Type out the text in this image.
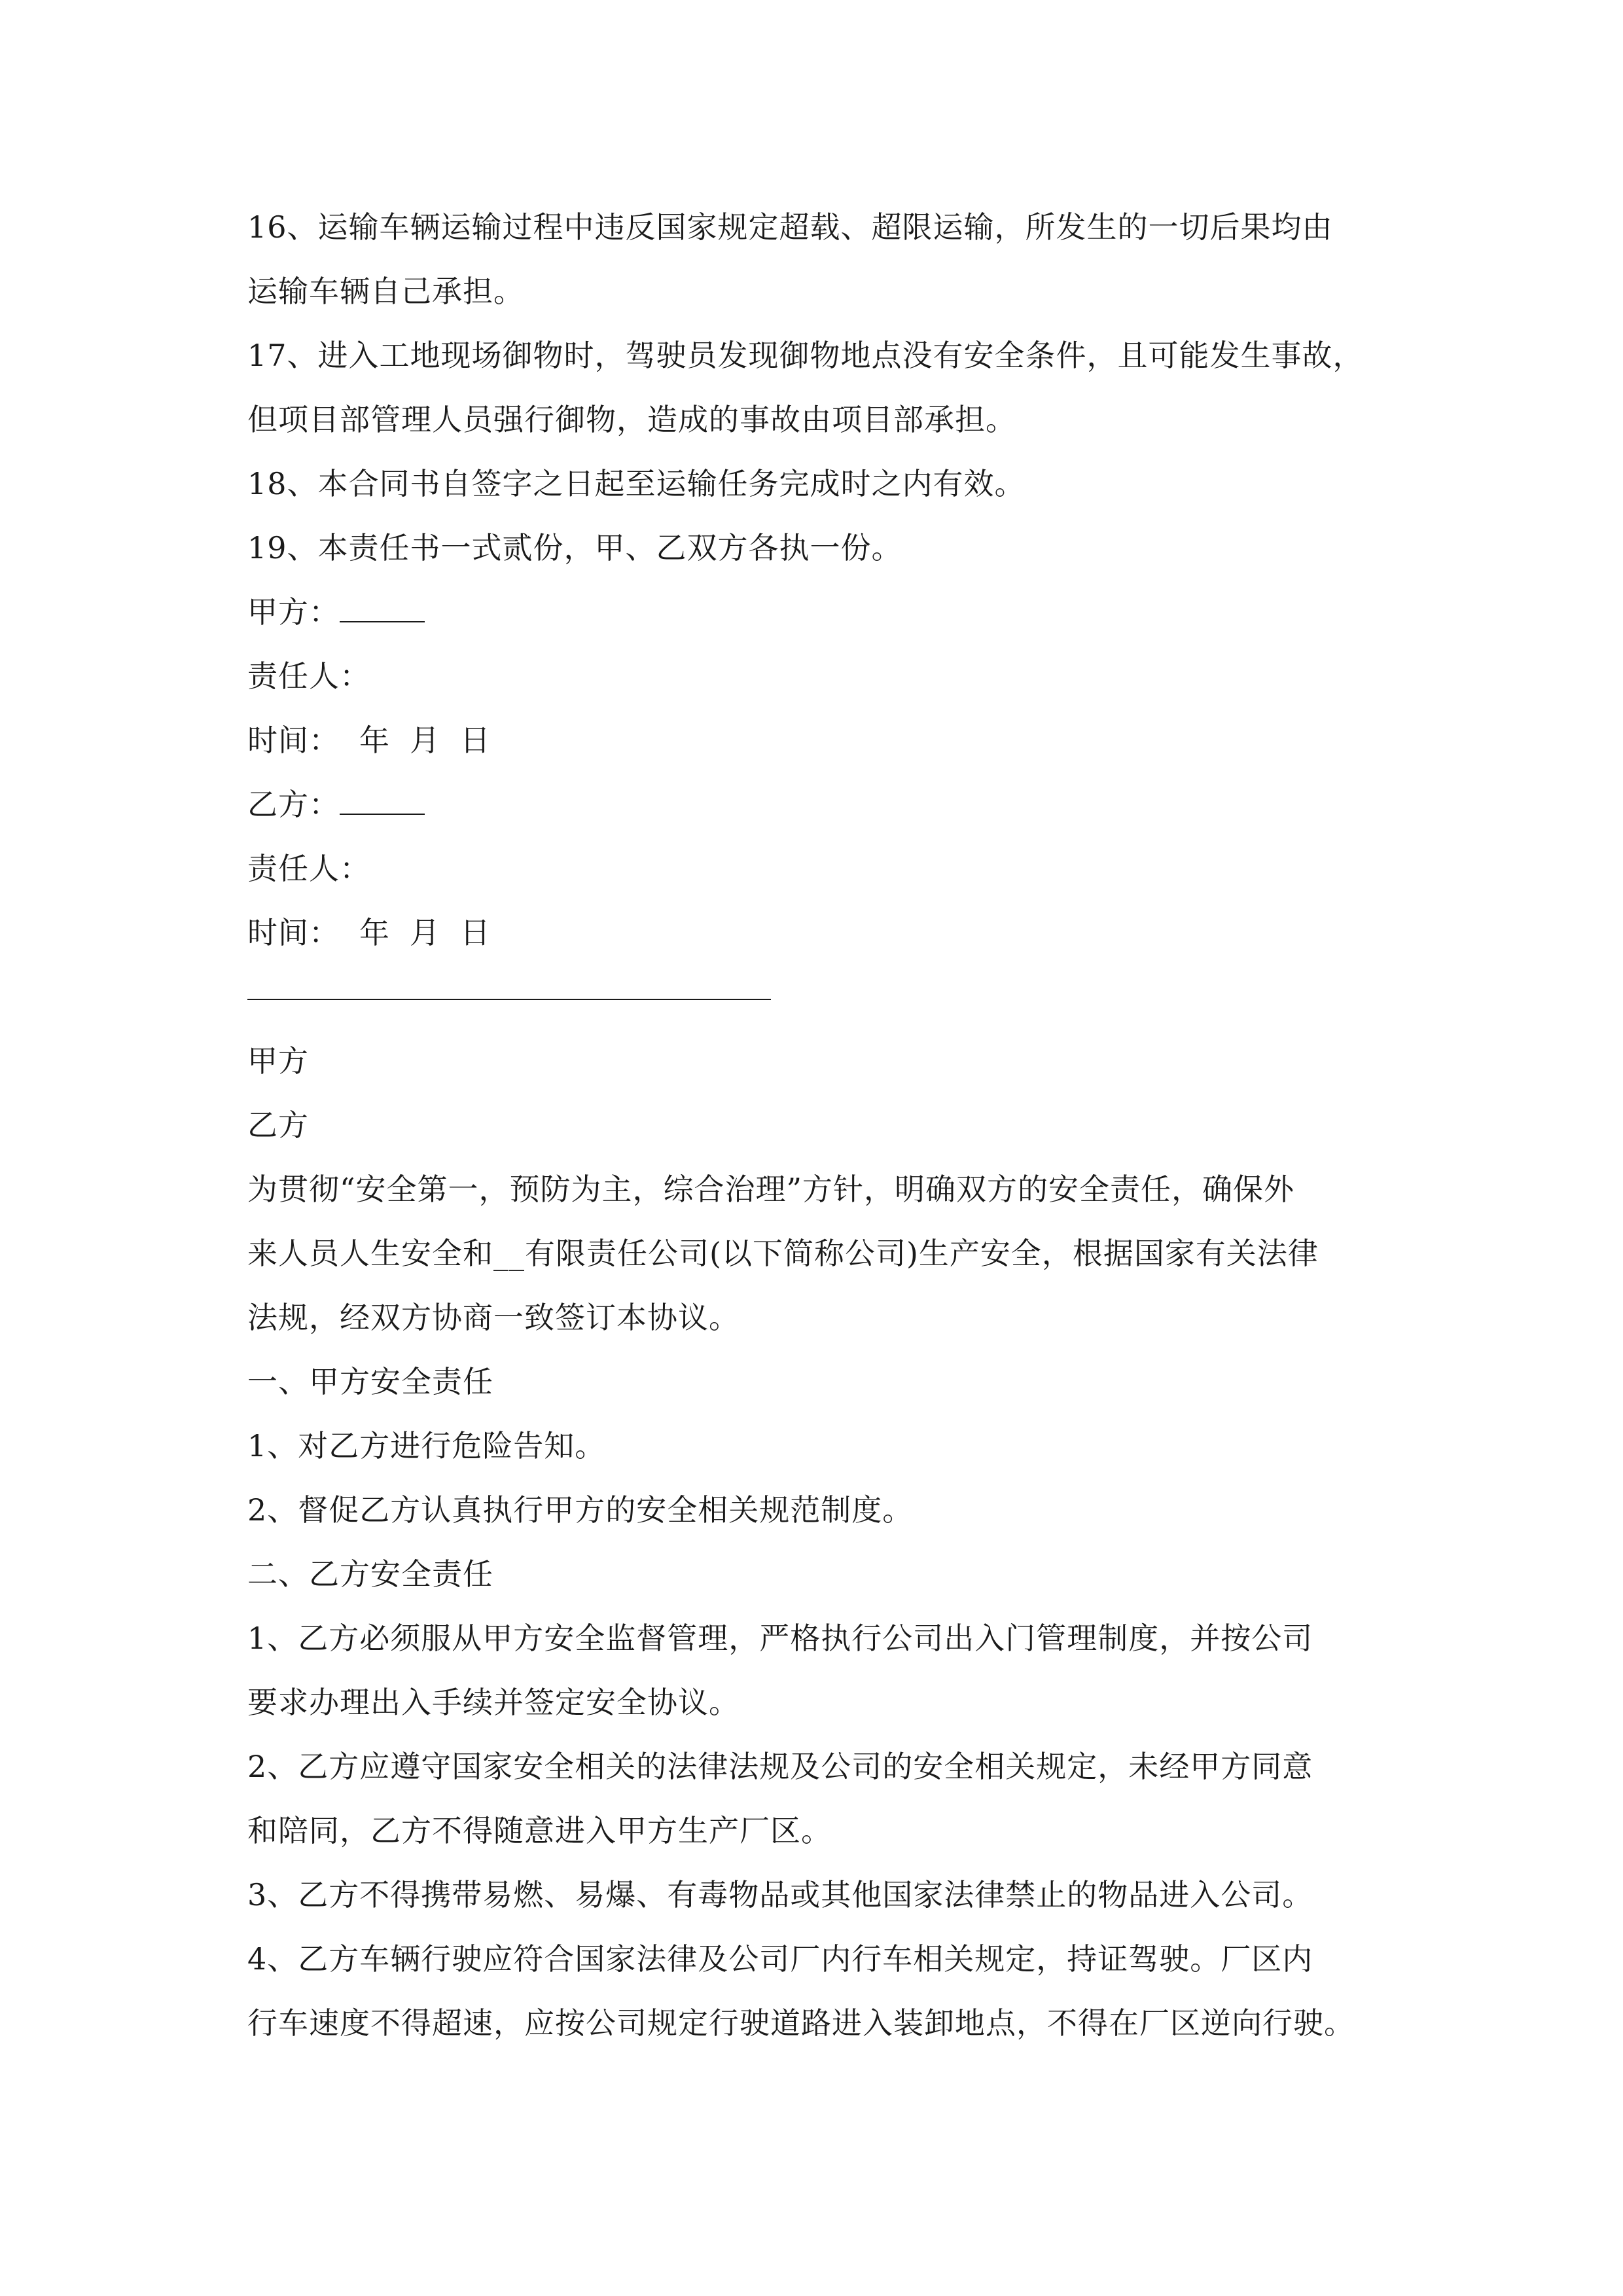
16、运输车辆运输过程中违反国家规定超载、超限运输，所发生的一切后果均由
运输车辆自己承担。
17、进入工地现场御物时，驾驶员发现御物地点没有安全条件，且可能发生事故，
但项目部管理人员强行御物，造成的事故由项目部承担。
18、本合同书自签字之日起至运输任务完成时之内有效。
19、本责任书一式贰份，甲、乙双方各执一份。
甲方：
责任人：
时间： 年 月 日
乙方：
责任人：
时间： 年 月 日
甲方
乙方
为贯彻“安全第一，预防为主，综合治理”方针，明确双方的安全责任，确保外
来人员人生安全和__有限责任公司(以下简称公司)生产安全，根据国家有关法律
法规，经双方协商一致签订本协议。
一、甲方安全责任
1、对乙方进行危险告知。
2、督促乙方认真执行甲方的安全相关规范制度。
二、乙方安全责任
1、乙方必须服从甲方安全监督管理，严格执行公司出入门管理制度，并按公司
要求办理出入手续并签定安全协议。
2、乙方应遵守国家安全相关的法律法规及公司的安全相关规定，未经甲方同意
和陪同，乙方不得随意进入甲方生产厂区。
3、乙方不得携带易燃、易爆、有毒物品或其他国家法律禁止的物品进入公司。
4、乙方车辆行驶应符合国家法律及公司厂内行车相关规定，持证驾驶。厂区内
行车速度不得超速，应按公司规定行驶道路进入装卸地点，不得在厂区逆向行驶。
